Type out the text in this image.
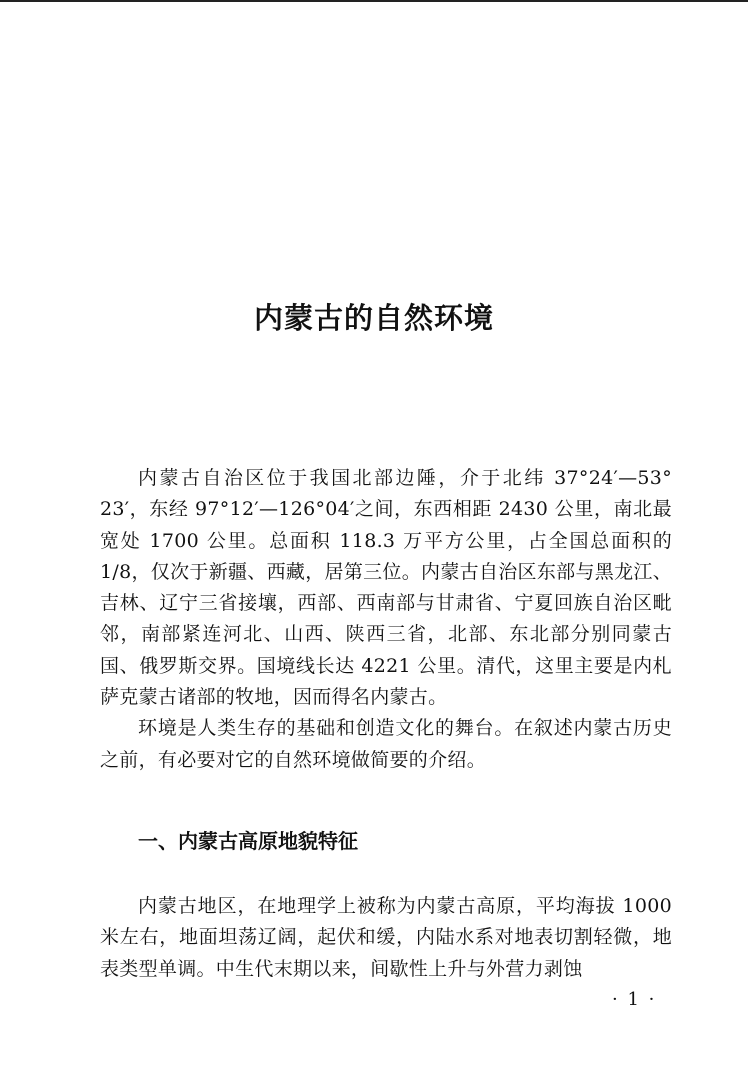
内蒙古的自然环境

内蒙古自治区位于我国北部边陲，介于北纬 37°24′—53° 23′，东经 97°12′—126°04′之间，东西相距 2430 公里，南北最宽处 1700 公里。总面积 118.3 万平方公里，占全国总面积的 1/8，仅次于新疆、西藏，居第三位。内蒙古自治区东部与黑龙江、吉林、辽宁三省接壤，西部、西南部与甘肃省、宁夏回族自治区毗邻，南部紧连河北、山西、陕西三省，北部、东北部分别同蒙古国、俄罗斯交界。国境线长达 4221 公里。清代，这里主要是内札萨克蒙古诸部的牧地，因而得名内蒙古。

环境是人类生存的基础和创造文化的舞台。在叙述内蒙古历史之前，有必要对它的自然环境做简要的介绍。

一、内蒙古高原地貌特征

内蒙古地区，在地理学上被称为内蒙古高原，平均海拔 1000 米左右，地面坦荡辽阔，起伏和缓，内陆水系对地表切割轻微，地表类型单调。中生代末期以来，间歇性上升与外营力剥蚀

· 1 ·
